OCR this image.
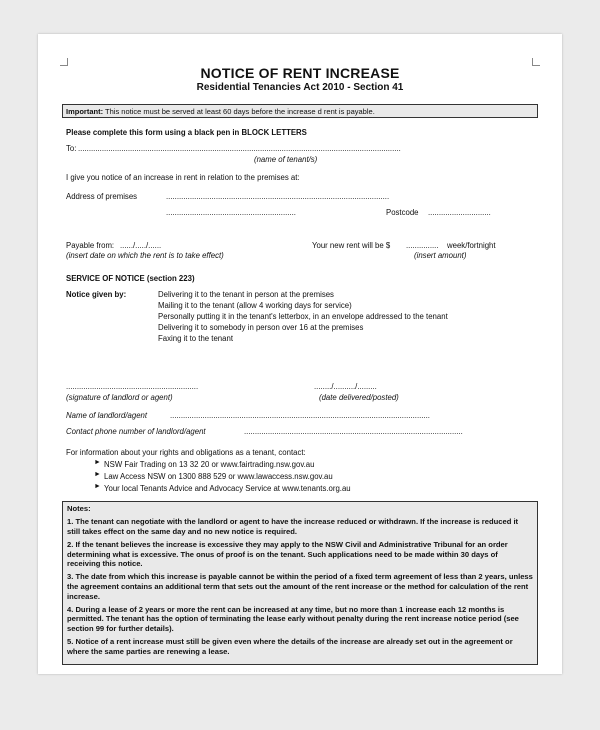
NOTICE OF RENT INCREASE
Residential Tenancies Act 2010 - Section 41
Important: This notice must be served at least 60 days before the increase d rent is payable.
Please complete this form using a black pen in BLOCK LETTERS
To: .....................................................................................................................................................
(name of tenant/s)
I give you notice of an increase in rent in relation to the premises at:
Address of premises	.......................................................................................................
............................................................	Postcode .............................
Payable from: ....../...../......
(insert date on which the rent is to take effect)
Your new rent will be $ ............... week/fortnight
(insert amount)
SERVICE OF NOTICE (section 223)
Notice given by:	Delivering it to the tenant in person at the premises
Mailing it to the tenant (allow 4 working days for service)
Personally putting it in the tenant's letterbox, in an envelope addressed to the tenant
Delivering it to somebody in person over 16 at the premises
Faxing it to the tenant
.............................................................	......../........../.........
(signature of landlord or agent)	(date delivered/posted)
Name of landlord/agent	........................................................................................................................
Contact phone number of landlord/agent	.....................................................................................................
For information about your rights and obligations as a tenant, contact:
► NSW Fair Trading on 13 32 20 or www.fairtrading.nsw.gov.au
► Law Access NSW on 1300 888 529 or www.lawaccess.nsw.gov.au
► Your local Tenants Advice and Advocacy Service at www.tenants.org.au

Notes:

1. The tenant can negotiate with the landlord or agent to have the increase reduced or withdrawn. If the increase is reduced it still takes effect on the same day and no new notice is required.

2. If the tenant believes the increase is excessive they may apply to the NSW Civil and Administrative Tribunal for an order determining what is excessive. The onus of proof is on the tenant. Such applications need to be made within 30 days of receiving this notice.

3. The date from which this increase is payable cannot be within the period of a fixed term agreement of less than 2 years, unless the agreement contains an additional term that sets out the amount of the rent increase or the method for calculation of the rent increase.

4. During a lease of 2 years or more the rent can be increased at any time, but no more than 1 increase each 12 months is permitted. The tenant has the option of terminating the lease early without penalty during the rent increase notice period (see section 99 for further details).

5. Notice of a rent increase must still be given even where the details of the increase are already set out in the agreement or where the same parties are renewing a lease.
